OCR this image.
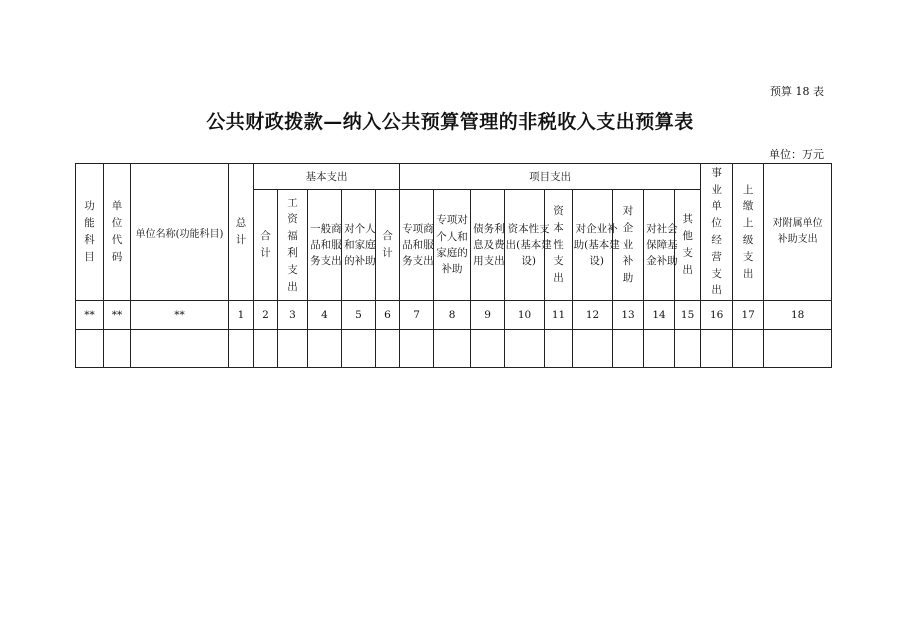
预算 18 表
公共财政拨款—纳入公共预算管理的非税收入支出预算表
单位：万元
功能科目	单位代码	单位名称(功能科目)	总计	基本支出					项目支出									事业单位经营支出	上缴上级支出	对附属单位补助支出
				合计	工资福利支出	一般商品和服务支出	对个人和家庭的补助	合计	专项商品和服务支出	专项对个人和家庭的补助	债务利息及费用支出	资本性支出(基本建设)	资本性支出	对企业补助(基本建设)	对企业补助	对社会保障基金补助	其他支出			
**	**	**	1	2	3	4	5	6	7	8	9	10	11	12	13	14	15	16	17	18
